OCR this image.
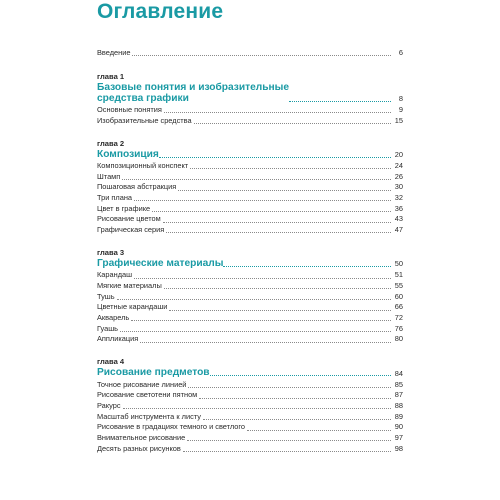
Оглавление
Введение	6
глава 1
Базовые понятия и изобразительные
средства графики	8
Основные понятия	9
Изобразительные средства	15
глава 2
Композиция	20
Композиционный конспект	24
Штамп	26
Пошаговая абстракция	30
Три плана	32
Цвет в графике	36
Рисование цветом	43
Графическая серия	47
глава 3
Графические материалы	50
Карандаш	51
Мягкие материалы	55
Тушь	60
Цветные карандаши	66
Акварель	72
Гуашь	76
Аппликация	80
глава 4
Рисование предметов	84
Точное рисование линией	85
Рисование светотени пятном	87
Ракурс	88
Масштаб инструмента к листу	89
Рисование в градациях темного и светлого	90
Внимательное рисование	97
Десять разных рисунков	98
